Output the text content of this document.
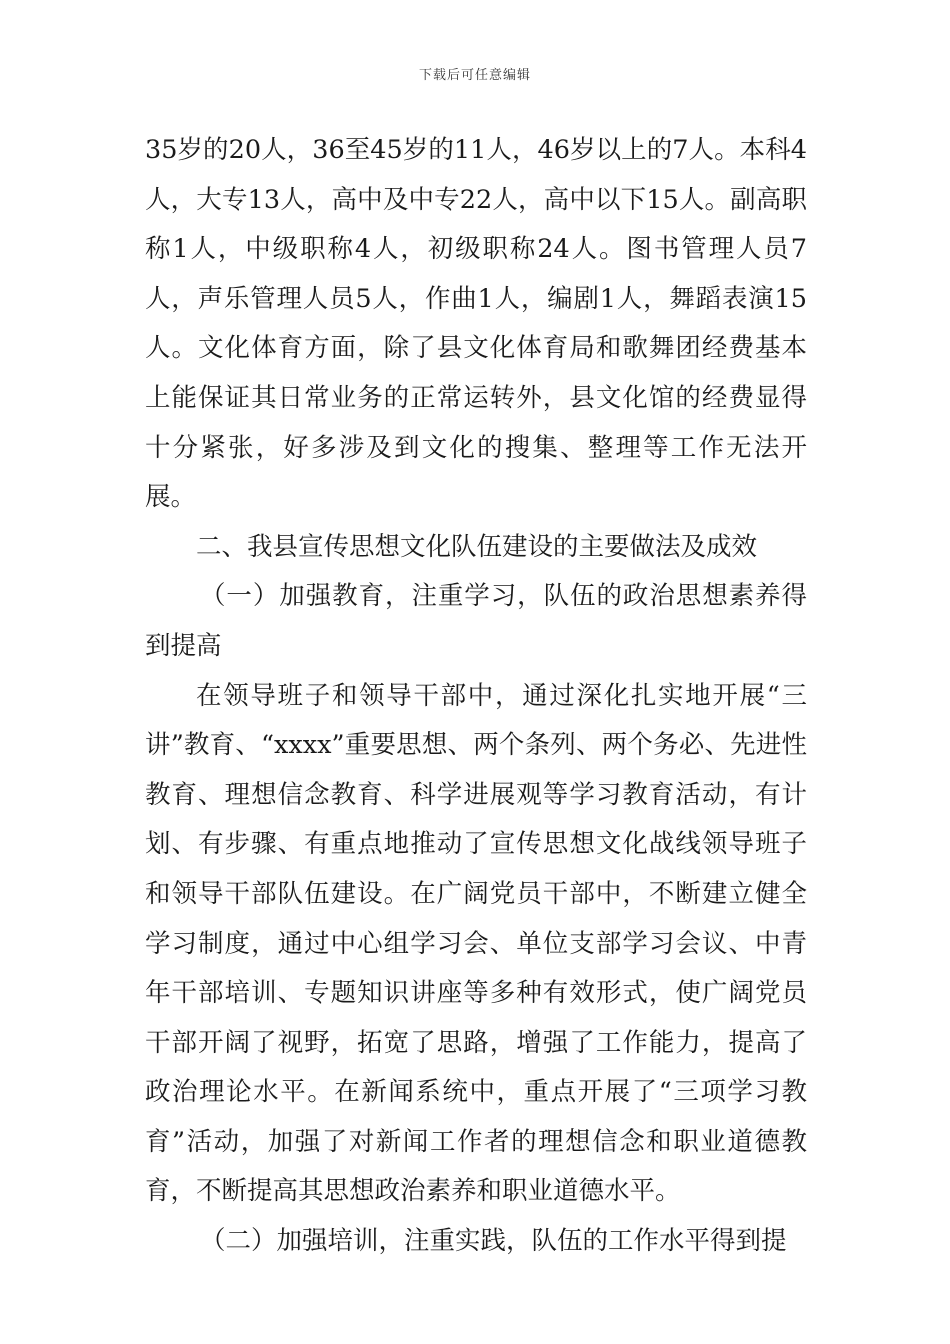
下载后可任意编辑

35岁的20人，36至45岁的11人，46岁以上的7人。本科4人，大专13人，高中及中专22人，高中以下15人。副高职称1人，中级职称4人，初级职称24人。图书管理人员7人，声乐管理人员5人，作曲1人，编剧1人，舞蹈表演15人。文化体育方面，除了县文化体育局和歌舞团经费基本上能保证其日常业务的正常运转外，县文化馆的经费显得十分紧张，好多涉及到文化的搜集、整理等工作无法开展。

二、我县宣传思想文化队伍建设的主要做法及成效

（一）加强教育，注重学习，队伍的政治思想素养得到提高

在领导班子和领导干部中，通过深化扎实地开展“三讲”教育、“xxxx”重要思想、两个条列、两个务必、先进性教育、理想信念教育、科学进展观等学习教育活动，有计划、有步骤、有重点地推动了宣传思想文化战线领导班子和领导干部队伍建设。在广阔党员干部中，不断建立健全学习制度，通过中心组学习会、单位支部学习会议、中青年干部培训、专题知识讲座等多种有效形式，使广阔党员干部开阔了视野，拓宽了思路，增强了工作能力，提高了政治理论水平。在新闻系统中，重点开展了“三项学习教育”活动，加强了对新闻工作者的理想信念和职业道德教育，不断提高其思想政治素养和职业道德水平。

（二）加强培训，注重实践，队伍的工作水平得到提
